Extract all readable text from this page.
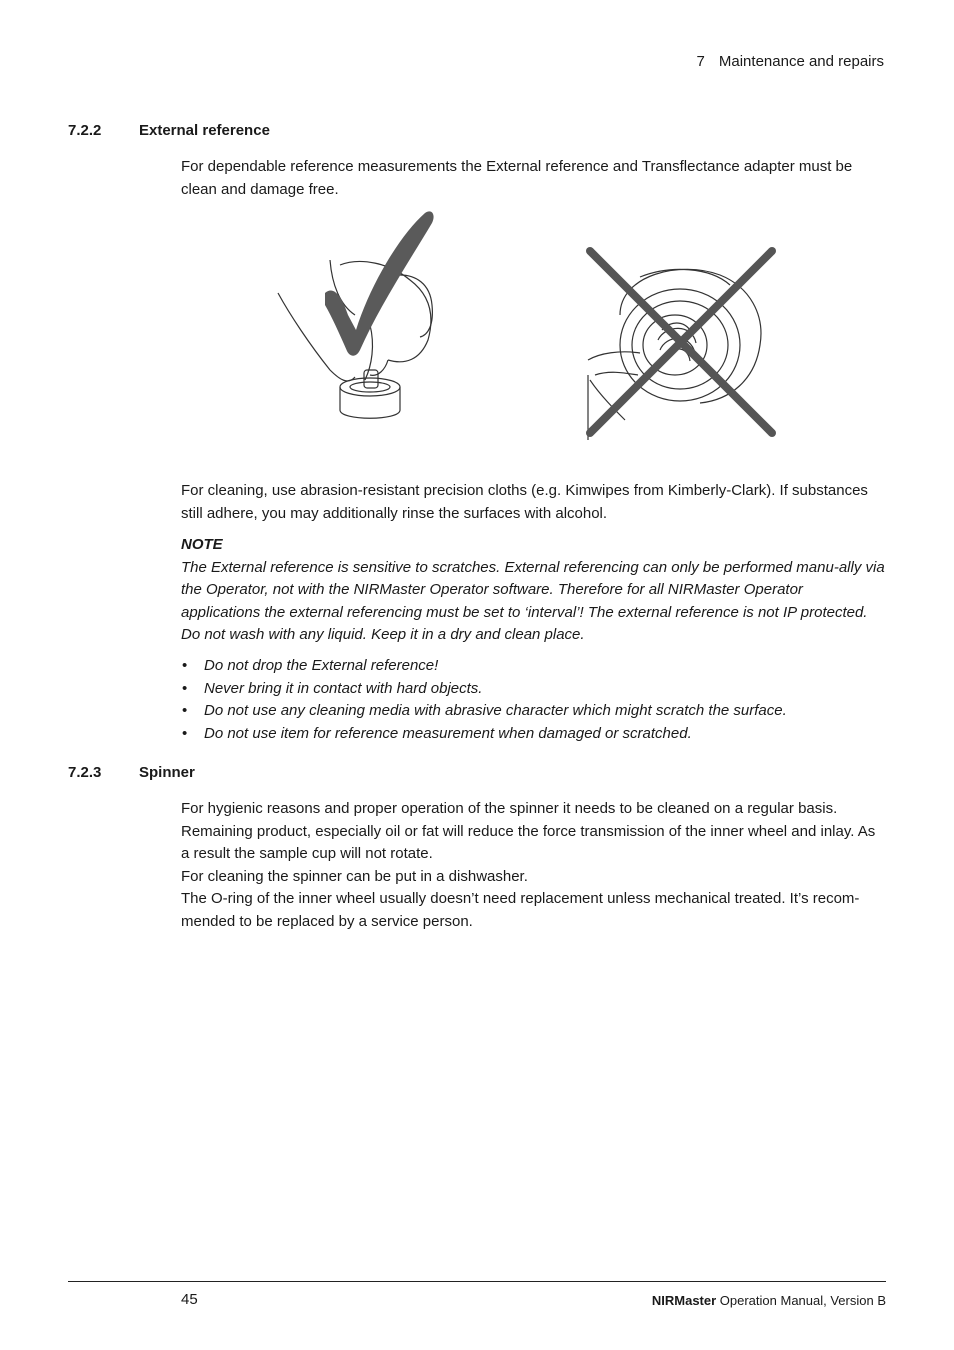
7 Maintenance and repairs
7.2.2	External reference

For dependable reference measurements the External reference and Transflectance adapter must be clean and damage free.

For cleaning, use abrasion-resistant precision cloths (e.g. Kimwipes from Kimberly-Clark). If substances still adhere, you may additionally rinse the surfaces with alcohol.

NOTE

The External reference is sensitive to scratches. External referencing can only be performed manu-ally via the Operator, not with the NIRMaster Operator software. Therefore for all NIRMaster Operator applications the external referencing must be set to ‘interval’! The external reference is not IP protected. Do not wash with any liquid. Keep it in a dry and clean place.

• Do not drop the External reference!
• Never bring it in contact with hard objects.
• Do not use any cleaning media with abrasive character which might scratch the surface.
• Do not use item for reference measurement when damaged or scratched.
7.2.3	Spinner

For hygienic reasons and proper operation of the spinner it needs to be cleaned on a regular basis. Remaining product, especially oil or fat will reduce the force transmission of the inner wheel and inlay. As a result the sample cup will not rotate.

For cleaning the spinner can be put in a dishwasher.

The O-ring of the inner wheel usually doesn’t need replacement unless mechanical treated. It’s recom-mended to be replaced by a service person.

45	NIRMaster Operation Manual, Version B
